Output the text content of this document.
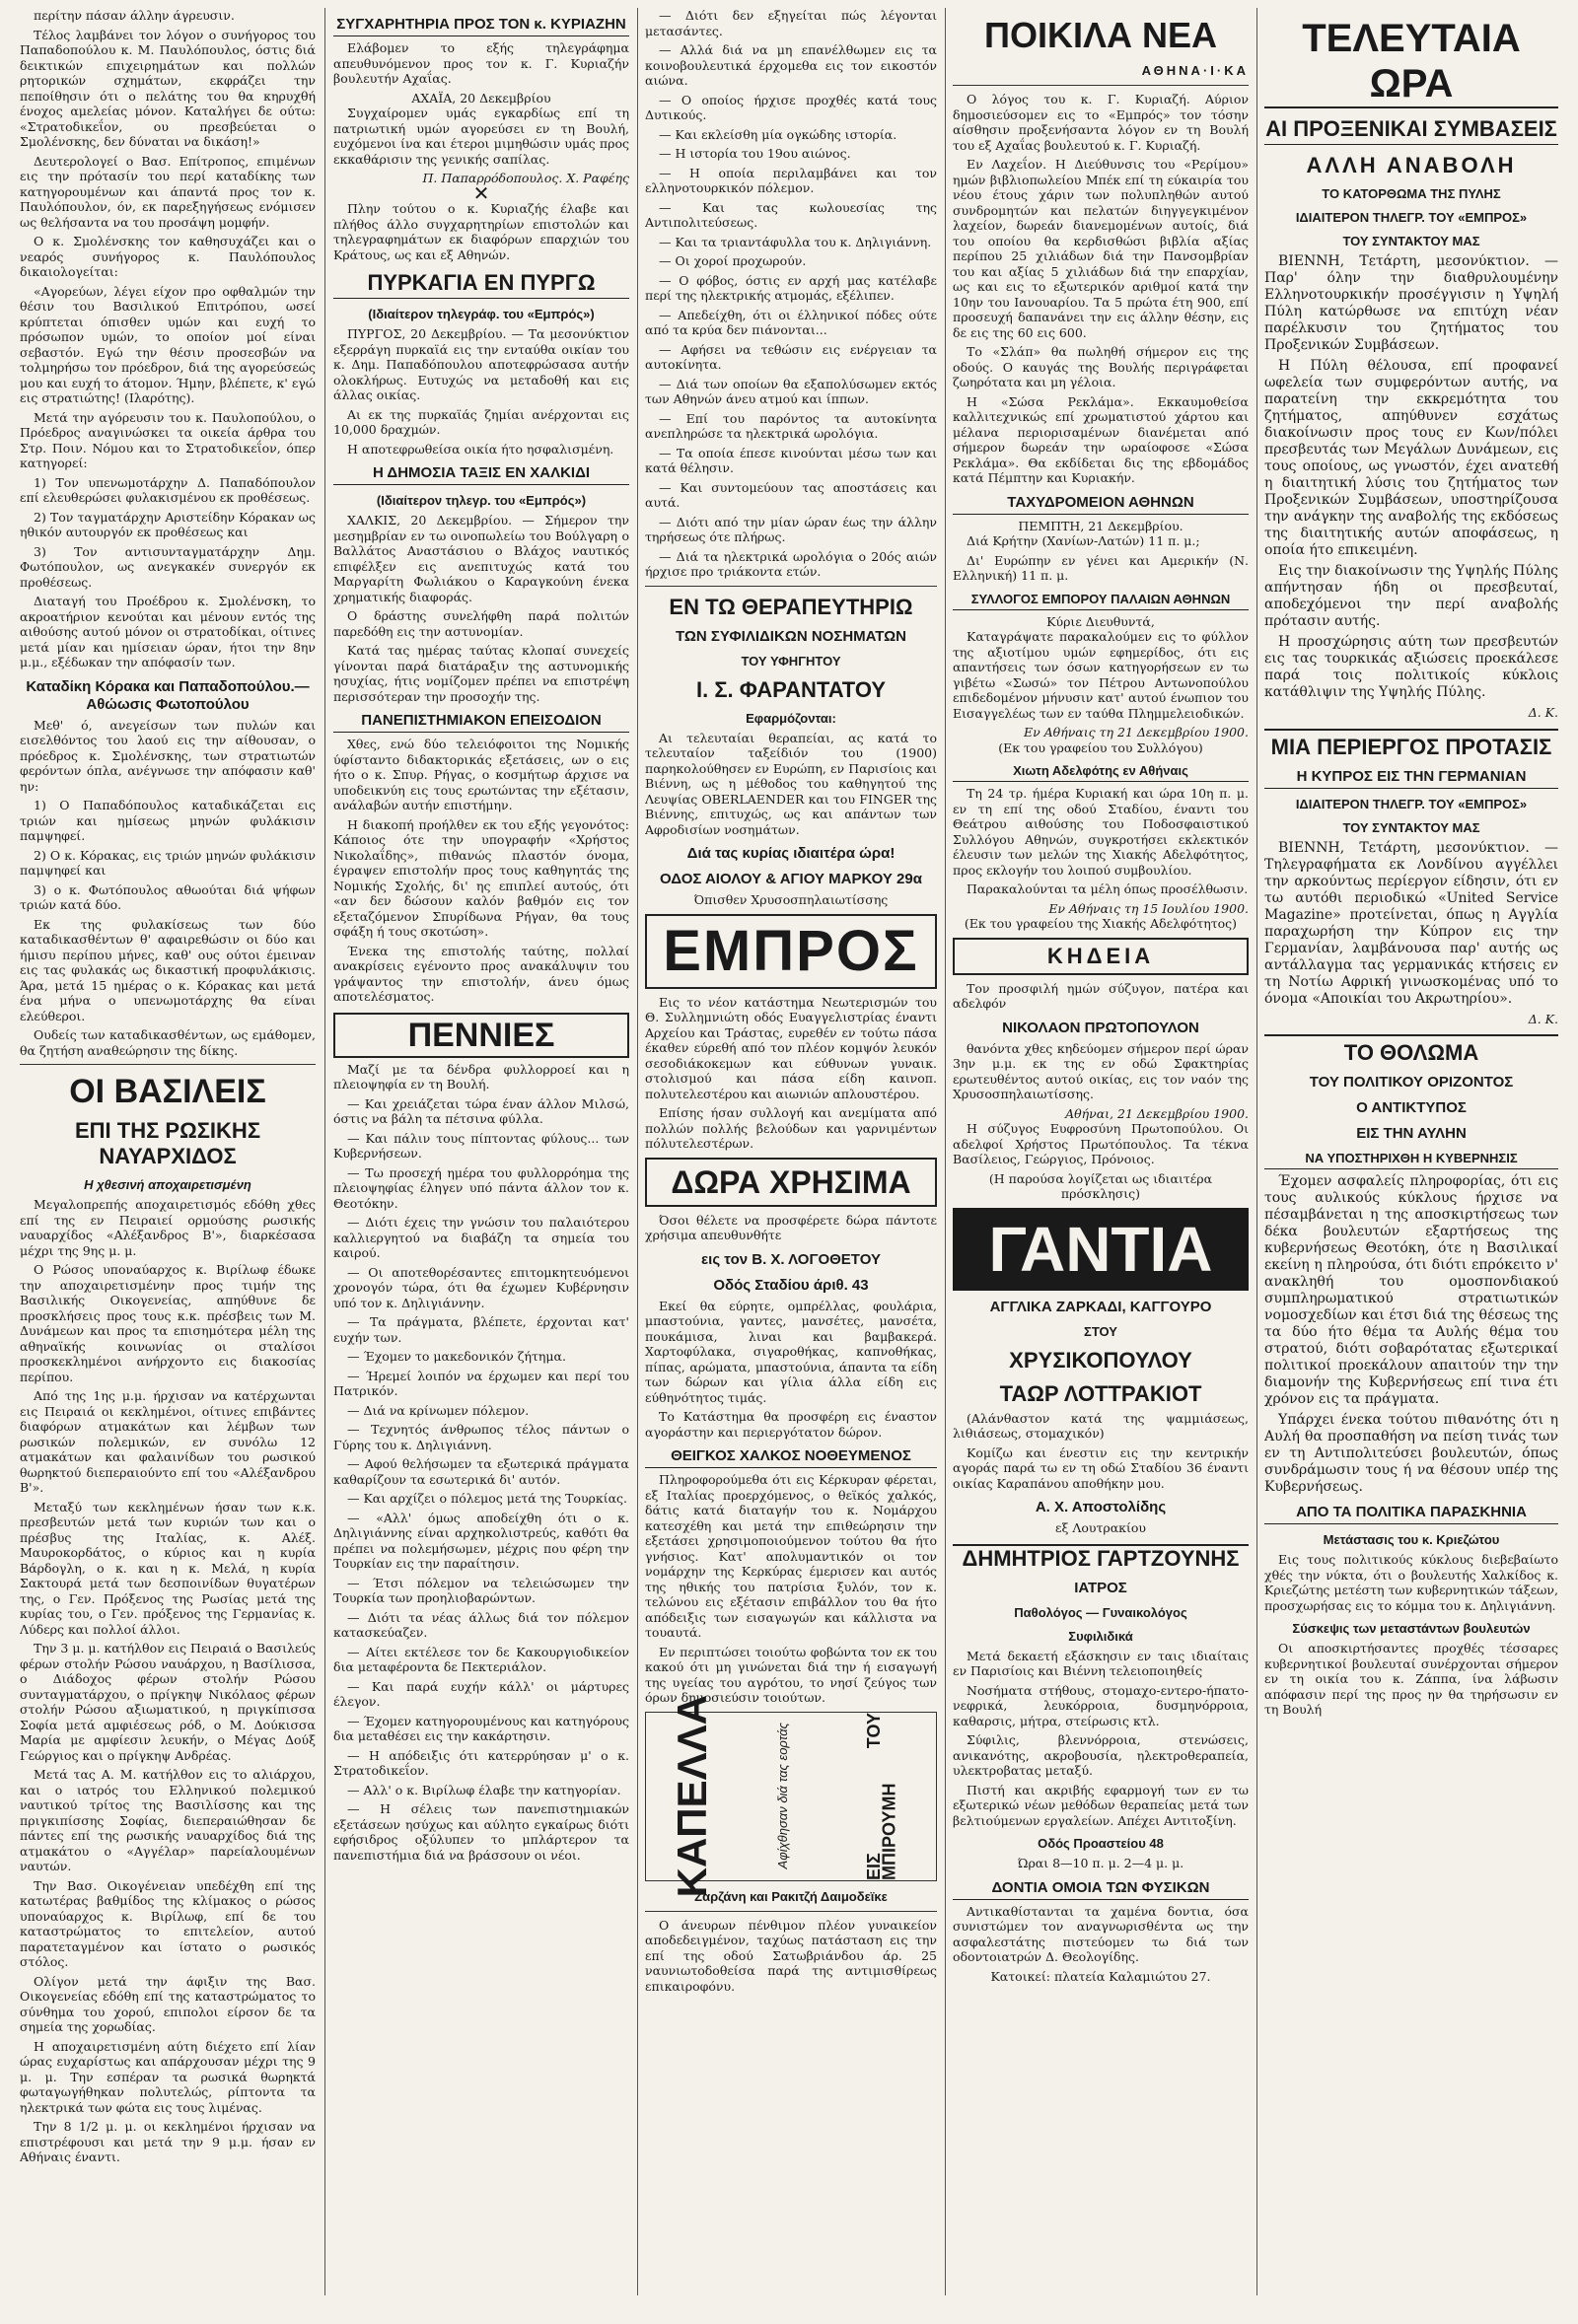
περίτην πάσαν άλλην άγρευσιν.

Τέλος λαμβάνει τον λόγον ο συνήγορος του Παπαδοπούλου κ. Μ. Παυλόπουλος, όστις διά δεικτικών επιχειρημάτων και πολλών ρητορικών σχημάτων, εκφράζει την πεποίθησιν ότι ο πελάτης του θα κηρυχθή ένοχος αμελείας μόνον. Καταλήγει δε ούτω: «Στρατοδικεΐον, ου πρεσβεύεται ο Σμολένσκης, δεν δύναται να δικάση!»

Δευτερολογεί ο Βασ. Επίτροπος, επιμένων εις την πρότασίν του περί καταδίκης των κατηγορουμένων και άπαντά προς τον κ. Παυλόπουλον, όν, εκ παρεξηγήσεως ενόμισεν ως θελήσαντα να του προσάψη μομφήν.

Ο κ. Σμολένσκης τον καθησυχάζει και ο νεαρός συνήγορος κ. Παυλόπουλος δικαιολογείται:

«Αγορεύων, λέγει είχον προ οφθαλμών την θέσιν του Βασιλικού Επιτρόπου, ωσεί κρύπτεται όπισθεν υμών και ευχή το πρόσωπον υμών, το οποίον μοί είναι σεβαστόν. Εγώ την θέσιν προσεσβών να τολμηρήσω τον πρόεδρον, διά της αγορεύσεώς μου και ευχή το άτομον. Ήμην, βλέπετε, κ' εγώ εις στρατιώτης! (Ιλαρότης).

Μετά την αγόρευσιν του κ. Παυλοπούλου, ο Πρόεδρος αναγινώσκει τα οικεία άρθρα του Στρ. Ποιν. Νόμου και το Στρατοδικεΐον, όπερ κατηγορεί:

1) Τον υπενωμοτάρχην Δ. Παπαδόπουλον επί ελευθερώσει φυλακισμένου εκ προθέσεως.

2) Τον ταγματάρχην Αριστείδην Κόρακαν ως ηθικόν αυτουργόν εκ προθέσεως και

3) Τον αντισυνταγματάρχην Δημ. Φωτόπουλον, ως ανεγκακέν συνεργόν εκ προθέσεως.

Διαταγή του Προέδρου κ. Σμολένσκη, το ακροατήριον κενούται και μένουν εντός της αιθούσης αυτού μόνον οι στρατοδίκαι, οίτινες μετά μίαν και ημίσειαν ώραν, ήτοι την 8ην μ.μ., εξέδωκαν την απόφασίν των.

Καταδίκη Κόρακα και Παπαδοπούλου.—Αθώωσις Φωτοπούλου

Μεθ' ό, ανεγείσων των πυλών και εισελθόντος του λαού εις την αίθουσαν, ο πρόεδρος κ. Σμολένσκης, των στρατιωτών φερόντων όπλα, ανέγνωσε την απόφασιν καθ' ην:

1) Ο Παπαδόπουλος καταδικάζεται εις τριών και ημίσεως μηνών φυλάκισιν παμψηφεί.

2) Ο κ. Κόρακας, εις τριών μηνών φυλάκισιν παμψηφεί και

3) ο κ. Φωτόπουλος αθωούται διά ψήφων τριών κατά δύο.

Εκ της φυλακίσεως των δύο καταδικασθέντων θ' αφαιρεθώσιν οι δύο και ήμισυ περίπου μήνες, καθ' ους ούτοι έμειναν εις τας φυλακάς ως δικαστική προφυλάκισις. Άρα, μετά 15 ημέρας ο κ. Κόρακας και μετά ένα μήνα ο υπενωμοτάρχης θα είναι ελεύθεροι.

Ουδείς των καταδικασθέντων, ως εμάθομεν, θα ζητήση αναθεώρησιν της δίκης.

ΟΙ ΒΑΣΙΛΕΙΣ
ΕΠΙ ΤΗΣ ΡΩΣΙΚΗΣ ΝΑΥΑΡΧΙΔΟΣ
Η χθεσινή αποχαιρετισμένη

Μεγαλοπρεπής αποχαιρετισμός εδόθη χθες επί της εν Πειραιεί ορμούσης ρωσικής ναυαρχίδος «Αλέξανδρος Β'», διαρκέσασα μέχρι της 9ης μ. μ.

Ο Ρώσος υποναύαρχος κ. Βιρίλωφ έδωκε την αποχαιρετισμένην προς τιμήν της Βασιλικής Οικογενείας, απηύθυνε δε προσκλήσεις προς τους κ.κ. πρέσβεις των Μ. Δυνάμεων και προς τα επισημότερα μέλη της αθηναϊκής κοινωνίας οι σταλίσοι προσκεκλημένοι ανήρχοντο εις διακοσίας περίπου.

Από της 1ης μ.μ. ήρχισαν να κατέρχωνται εις Πειραιά οι κεκλημένοι, οίτινες επιβάντες διαφόρων ατμακάτων και λέμβων των ρωσικών πολεμικών, εν συνόλω 12 ατμακάτων και φαλαινίδων του ρωσικού θωρηκτού διεπεραιούντο επί του «Αλέξανδρου Β'».

Μεταξύ των κεκλημένων ήσαν των κ.κ. πρεσβευτών μετά των κυριών των και ο πρέσβυς της Ιταλίας, κ. Αλέξ. Μαυροκορδάτος, ο κύριος και η κυρία Βάρδογλη, ο κ. και η κ. Μελά, η κυρία Σακτουρά μετά των δεσποινίδων θυγατέρων της, ο Γεν. Πρόξενος της Ρωσίας μετά της κυρίας του, ο Γεν. πρόξενος της Γερμανίας κ. Λύδερς και πολλοί άλλοι.

Την 3 μ. μ. κατήλθον εις Πειραιά ο Βασιλεύς φέρων στολήν Ρώσου ναυάρχου, η Βασίλισσα, ο Διάδοχος φέρων στολήν Ρώσου συνταγματάρχου, ο πρίγκηψ Νικόλαος φέρων στολήν Ρώσου αξιωματικού, η πριγκίπισσα Σοφία μετά αμφιέσεως ρόδ, ο Μ. Δούκισσα Μαρία με αμφίεσιν λευκήν, ο Μέγας Δούξ Γεώργιος και ο πρίγκηψ Ανδρέας.

Μετά τας Α. Μ. κατήλθον εις το αλιάρχου, και ο ιατρός του Ελληνικού πολεμικού ναυτικού τρίτος της Βασιλίσσης και της πριγκιπίσσης Σοφίας, διεπεραιώθησαν δε πάντες επί της ρωσικής ναυαρχίδος διά της ατμακάτου ο «Αγγέλαρ» παρείαλουμένων ναυτών.

Την Βασ. Οικογένειαν υπεδέχθη επί της κατωτέρας βαθμίδος της κλίμακος ο ρώσος υποναύαρχος κ. Βιρίλωφ, επί δε του καταστρώματος το επιτελείον, αυτού παρατεταγμένον και ίστατο ο ρωσικός στόλος.

Ολίγον μετά την άφιξιν της Βασ. Οικογενείας εδόθη επί της καταστρώματος το σύνθημα του χορού, επιπολοι είρσον δε τα σημεία της χορωδίας.

Η αποχαιρετισμένη αύτη διέχετο επί λίαν ώρας ευχαρίστως και απάρχουσαν μέχρι της 9 μ. μ. Την εσπέραν τα ρωσικά θωρηκτά φωταγωγήθηκαν πολυτελώς, ρίπτοντα τα ηλεκτρικά των φώτα εις τους λιμένας.

Την 8 1/2 μ. μ. οι κεκλημένοι ήρχισαν να επιστρέφουσι και μετά την 9 μ.μ. ήσαν εν Αθήναις έναντι.

ΣΥΓΧΑΡΗΤΗΡΙΑ ΠΡΟΣ ΤΟΝ κ. ΚΥΡΙΑΖΗΝ

Ελάβομεν το εξής τηλεγράφημα απευθυνόμενον προς τον κ. Γ. Κυριαζήν βουλευτήν Αχαΐας.

ΑΧΑΪΑ, 20 Δεκεμβρίου

Συγχαίρομεν υμάς εγκαρδίως επί τη πατριωτική υμών αγορεύσει εν τη Βουλή, ευχόμενοι ίνα και έτεροι μιμηθώσιν υμάς προς εκκαθάρισιν της γενικής σαπίλας.

Π. Παπαρρόδοπουλος. Χ. Ραφέης
✕

Πλην τούτου ο κ. Κυριαζής έλαβε και πλήθος άλλο συγχαρητηρίων επιστολών και τηλεγραφημάτων εκ διαφόρων επαρχιών του Κράτους, ως και εξ Αθηνών.

ΠΥΡΚΑΓΙΑ ΕΝ ΠΥΡΓΩ
(Ιδιαίτερον τηλεγράφ. του «Εμπρός»)

ΠΥΡΓΟΣ, 20 Δεκεμβρίου. — Τα μεσονύκτιον εξερράγη πυρκαϊά εις την ενταύθα οικίαν του κ. Δημ. Παπαδόπουλου αποτεφρώσασα αυτήν ολοκλήρως. Ευτυχώς να μεταδοθή και εις άλλας οικίας.

Αι εκ της πυρκαϊάς ζημίαι ανέρχονται εις 10,000 δραχμών.

Η αποτεφρωθείσα οικία ήτο ησφαλισμένη.

Η ΔΗΜΟΣΙΑ ΤΑΞΙΣ ΕΝ ΧΑΛΚΙΔΙ
(Ιδιαίτερον τηλεγρ. του «Εμπρός»)

ΧΑΛΚΙΣ, 20 Δεκεμβρίου. — Σήμερον την μεσημβρίαν εν τω οινοπωλείω του Βούλγαρη ο Βαλλάτος Αναστάσιου ο Βλάχος ναυτικός επιφέλξεν εις ανεπιτυχώς κατά του Μαργαρίτη Φωλιάκου ο Καραγκούνη ένεκα χρηματικής διαφοράς.

Ο δράστης συνελήφθη παρά πολιτών παρεδόθη εις την αστυνομίαν.

Κατά τας ημέρας ταύτας κλοπαί συνεχείς γίνονται παρά διατάραξιν της αστυνομικής ησυχίας, ήτις νομίζομεν πρέπει να επιστρέψη περισσότεραν την προσοχήν της.

ΠΑΝΕΠΙΣΤΗΜΙΑΚΟΝ ΕΠΕΙΣΟΔΙΟΝ

Χθες, ενώ δύο τελειόφοιτοι της Νομικής ύφίσταντο διδακτορικάς εξετάσεις, ων ο εις ήτο ο κ. Σπυρ. Ρήγας, ο κοσμήτωρ άρχισε να υποδεικνύη εις τους ερωτώντας την εξέτασιν, ανάλαβών αυτήν επιστήμην.

Η διακοπή προήλθεν εκ του εξής γεγονότος: Κάποιος ότε την υπογραφήν «Χρήστος Νικολαΐδης», πιθανώς πλαστόν όνομα, έγραψεν επιστολήν προς τους καθηγητάς της Νομικής Σχολής, δι' ης επιπλεί αυτούς, ότι «αν δεν δώσουν καλόν βαθμόν εις τον εξεταζόμενον Σπυρίδωνα Ρήγαν, θα τους σφάξη ή τους σκοτώση».

Ένεκα της επιστολής ταύτης, πολλαί ανακρίσεις εγένοντο προς ανακάλυψιν του γράψαντος την επιστολήν, άνευ όμως αποτελέσματος.

ΠΕΝΝΙΕΣ

Μαζί με τα δένδρα φυλλορροεί και η πλειοψηφία εν τη Βουλή.

— Και χρειάζεται τώρα έναν άλλον Μιλσώ, όστις να βάλη τα πέτσινα φύλλα.

— Και πάλιν τους πίπτοντας φύλους... των Κυβερνήσεων.

— Τω προσεχή ημέρα του φυλλορρόημα της πλειοψηφίας έληγεν υπό πάντα άλλον τον κ. Θεοτόκην.

— Διότι έχεις την γνώσιν του παλαιότερου καλλιεργητού να διαβάζη τα σημεία του καιρού.

— Οι αποτεθορέσαντες επιτομκητευόμενοι χρονογόν τώρα, ότι θα έχωμεν Κυβέρνησιν υπό τον κ. Δηλιγιάννην.

— Τα πράγματα, βλέπετε, έρχονται κατ' ευχήν των.

— Έχομεν το μακεδονικόν ζήτημα.

— Ήρεμεί λοιπόν να έρχωμεν και περί του Πατρικόν.

— Διά να κρίνωμεν πόλεμον.

— Τεχνητός άνθρωπος τέλος πάντων ο Γύρης του κ. Δηλιγιάννη.

— Αφού θελήσωμεν τα εξωτερικά πράγματα καθαρίζουν τα εσωτερικά δι' αυτόν.

— Και αρχίζει ο πόλεμος μετά της Τουρκίας.

— «Αλλ' όμως αποδείχθη ότι ο κ. Δηλιγιάννης είναι αρχηκολιστρεύς, καθότι θα πρέπει να πολεμήσωμεν, μέχρις που φέρη την Τουρκίαν εις την παραίτησιν.

— Έτσι πόλεμον να τελειώσωμεν την Τουρκία των προηλιοβαρώντων.

— Διότι τα νέας άλλως διά τον πόλεμον κατασκεύαζεν.

— Αίτει εκτέλεσε τον δε Κακουργιοδικείον δια μεταφέροντα δε Πεκτεριάλον.

— Και παρά ευχήν κάλλ' οι μάρτυρες έλεγον.

— Έχομεν κατηγορουμένους και κατηγόρους δια μεταθέσει εις την κακάρτησιν.

— Η απόδειξις ότι κατερρύησαν μ' ο κ. Στρατοδικεΐον.

— Αλλ' ο κ. Βιρίλωφ έλαβε την κατηγορίαν.

— Η σέλεις των πανεπιστημιακών εξετάσεων ησύχως και αύλητο εγκαίρως διότι εφήσιδρος οξύλυπεν το μπλάρτερον τα πανεπιστήμια διά να βράσσουν οι νέοι.

— Διότι δεν εξηγείται πώς λέγονται μετασάντες.

— Αλλά διά να μη επανέλθωμεν εις τα κοινοβουλευτικά έρχομεθα εις τον εικοστόν αιώνα.

— Ο οποίος ήρχισε προχθές κατά τους Δυτικούς.

— Και εκλείσθη μία ογκώδης ιστορία.

— Η ιστορία του 19ου αιώνος.

— Η οποία περιλαμβάνει και τον ελληνοτουρκικόν πόλεμον.

— Και τας κωλουεσίας της Αντιπολιτεύσεως.

— Και τα τριαντάφυλλα του κ. Δηλιγιάννη.

— Οι χοροί προχωρούν.

— Ο φόβος, όστις εν αρχή μας κατέλαβε περί της ηλεκτρικής ατμομάς, εξέλιπεν.

— Απεδείχθη, ότι οι έλληνικοί πόδες ούτε από τα κρύα δεν πιάνονται...

— Αφήσει να τεθώσιν εις ενέργειαν τα αυτοκίνητα.

— Διά των οποίων θα εξαπολύσωμεν εκτός των Αθηνών άνευ ατμού και ίππων.

— Επί του παρόντος τα αυτοκίνητα ανεπληρώσε τα ηλεκτρικά ωρολόγια.

— Τα οποία έπεσε κινούνται μέσω των και κατά θέλησιν.

— Και συντομεύουν τας αποστάσεις και αυτά.

— Διότι από την μίαν ώραν έως την άλλην τηρήσεως ότε πλήρως.

— Διά τα ηλεκτρικά ωρολόγια ο 20ός αιών ήρχισε προ τριάκοντα ετών.

ΕΝ ΤΩ ΘΕΡΑΠΕΥΤΗΡΙΩ
ΤΩΝ ΣΥΦΙΛΙΔΙΚΩΝ ΝΟΣΗΜΑΤΩΝ
ΤΟΥ ΥΦΗΓΗΤΟΥ
Ι. Σ. ΦΑΡΑΝΤΑΤΟΥ
Εφαρμόζονται:

Αι τελευταίαι θεραπείαι, ας κατά το τελευταίον ταξείδιόν του (1900) παρηκολούθησεν εν Ευρώπη, εν Παρισίοις και Βιέννη, ως η μέθοδος του καθηγητού της Λευψίας OBERLAENDER και του FINGER της Βιέννης, επιτυχώς, ως και απάντων των Αφροδισίων νοσημάτων.

Διά τας κυρίας ιδιαιτέρα ώρα!
ΟΔΟΣ ΑΙΟΛΟΥ & ΑΓΙΟΥ ΜΑΡΚΟΥ 29α
Όπισθεν Χρυσοσπηλαιωτίσσης
ΕΜΠΡΟΣ

Εις το νέον κατάστημα Νεωτερισμών του Θ. Συλλημνιώτη οδός Ευαγγελιστρίας έναντι Αρχείου και Τράστας, ευρεθέν εν τούτω πάσα έκαθεν εύρεθή από τον πλέον κομψόν λευκόν σεσοδιάκοκεμων και εύθυνων γυναικ. στολισμού και πάσα είδη καινοπ. πολυτελεστέρου και αιωνιών απλουστέρου.

Επίσης ήσαν συλλογή και ανεμίματα από πολλών πολλής βελούδων και γαρνιμέντων πόλυτελεστέρων.

ΔΩΡΑ ΧΡΗΣΙΜΑ

Όσοι θέλετε να προσφέρετε δώρα πάντοτε χρήσιμα απευθυνθήτε

εις τον Β. Χ. ΛΟΓΟΘΕΤΟΥ
Οδός Σταδίου άριθ. 43

Εκεί θα εύρητε, ομπρέλλας, φουλάρια, μπαστούνια, γαντες, μανσέτες, μανσέτα, πουκάμισα, λιναι και βαμβακερά. Χαρτοφύλακα, σιγαροθήκας, καπνοθήκας, πίπας, αρώματα, μπαστούνια, άπαντα τα είδη των δώρων και γίλια άλλα είδη εις εύθηνότητος τιμάς.

Το Κατάστημα θα προσφέρη εις έναστον αγοράστην και περιεργότατον δώρον.

ΘΕΙΓΚΟΣ ΧΑΛΚΟΣ ΝΟΘΕΥΜΕΝΟΣ

Πληροφορούμεθα ότι εις Κέρκυραν φέρεται, εξ Ιταλίας προερχόμενος, ο θεϊκός χαλκός, δάτις κατά διαταγήν του κ. Νομάρχου κατεσχέθη και μετά την επιθεώρησιν την εξετάσει χρησιμοποιούμενον τούτου θα ήτο γνήσιος. Κατ' απολυμαντικόν οι τον νομάρχην της Κερκύρας έμερισεν και αυτός της ηθικής του πατρίσια ξυλόν, τον κ. τελώνου εις εξέτασιν επιβάλλον του θα ήτο απόδειξις των εισαγωγών και κάλλιστα να τουαυτά.

Εν περιπτώσει τοιούτω φοβώντα τον εκ του κακού ότι μη γινώνεται διά την ή εισαγωγή της υγείας του αγρότου, το νησί ζεύγος των όρων δημοσιεύσιν τοιούτων.

ΚΑΠΕΛΛΑ	Αφίχθησαν διά τας εορτάς	ΕΙΣ ΤΟΥ ΜΠΙΡΟΥΜΗ
Ζαρζάνη και Ρακιτζή Δαιμοδεϊκε

Ο άνευρων πένθιμον πλέον γυναικείον αποδεδειγμένον, ταχύως πατάσταση εις την επί της οδού Σατωβριάνδου άρ. 25 ναυνιωτοδοθείσα παρά της αντιμισθίρεως επικαιροφόνυ.

ΠΟΙΚΙΛΑ ΝΕΑ
ΑΘΗΝΑ·Ι·ΚΑ

Ο λόγος του κ. Γ. Κυριαζή. Αύριον δημοσιεύσομεν εις το «Εμπρός» τον τόσην αίσθησιν προξενήσαντα λόγον εν τη Βουλή του εξ Αχαΐας βουλευτού κ. Γ. Κυριαζή.

Εν Λαχεΐον. Η Διεύθυνσις του «Ρερίμου» ημών βιβλιοπωλείου Μπέκ επί τη εύκαιρία του νέου έτους χάριν των πολυπληθών αυτού συνδρομητών και πελατών διηγγεγκιμένον λαχείον, δωρεάν διανεμομένων αυτοίς, διά του οποίου θα κερδισθώσι βιβλία αξίας περίπου 25 χιλιάδων διά την Πανσομβρίαν του και αξίας 5 χιλιάδων διά την επαρχίαν, ως και εις το εξωτερικόν αριθμοί κατά την 10ην του Ιανουαρίου. Τα 5 πρώτα έτη 900, επί προσευχή δαπανάνει την εις άλλην θέσην, εις δε εις της 60 εις 600.

Το «Σλάπ» θα πωληθή σήμερον εις της οδούς. Ο καυγάς της Βουλής περιγράφεται ζωηρότατα και μη γέλοια.

Η «Σώσα Ρεκλάμα». Εκκαυμοθείσα καλλιτεχνικώς επί χρωματιστού χάρτου και μέλανα περιορισαμένων διανέμεται από σήμερον δωρεάν την ωραίοφοσε «Σώσα Ρεκλάμα». Θα εκδίδεται δις της εβδομάδος κατά Πέμπτην και Κυριακήν.

ΤΑΧΥΔΡΟΜΕΙΟΝ ΑΘΗΝΩΝ
ΠΕΜΠΤΗ, 21 Δεκεμβρίου.

Διά Κρήτην (Χανίων-Λατών) 11 π. μ.;

Δι' Ευρώπην εν γένει και Αμερικήν (Ν. Ελληνική) 11 π. μ.

ΣΥΛΛΟΓΟΣ ΕΜΠΟΡΟΥ ΠΑΛΑΙΩΝ ΑΘΗΝΩΝ
Κύριε Διευθυντά,

Καταγράψατε παρακαλούμεν εις το φύλλον της αξιοτίμου υμών εφημερίδος, ότι εις απαντήσεις των όσων κατηγορήσεων εν τω γιβέτω «Σωσώ» τον Πέτρου Αντωνοπούλου επιδεδομένον μήνυσιν κατ' αυτού ένωπιον του Εισαγγελέως των εν ταύθα Πλημμελειοδικών.

Εν Αθήναις τη 21 Δεκεμβρίου 1900.
(Εκ του γραφείου του Συλλόγου)
Χιωτη Αδελφότης εν Αθήναις

Τη 24 τρ. ήμέρα Κυριακή και ώρα 10η π. μ. εν τη επί της οδού Σταδίου, έναντι του Θεάτρου αιθούσης του Ποδοσφαιστικού Συλλόγου Αθηνών, συγκροτήσει εκλεκτικόν έλευσιν των μελών της Χιακής Αδελφότητος, προς εκλογήν του λοιπού συμβουλίου.

Παρακαλούνται τα μέλη όπως προσέλθωσιν.

Εν Αθήναις τη 15 Ιουλίου 1900.
(Εκ του γραφείου της Χιακής Αδελφότητος)
ΚΗΔΕΙΑ

Τον προσφιλή ημών σύζυγον, πατέρα και αδελφόν

ΝΙΚΟΛΑΟΝ ΠΡΩΤΟΠΟΥΛΟΝ

θανόντα χθες κηδεύομεν σήμερον περί ώραν 3ην μ.μ. εκ της εν οδώ Σφακτηρίας ερωτευθέντος αυτού οικίας, εις τον ναόν της Χρυσοσπηλαιωτίσσης.

Αθήναι, 21 Δεκεμβρίου 1900.

Η σύζυγος Ευφροσύνη Πρωτοπούλου. Οι αδελφοί Χρήστος Πρωτόπουλος. Τα τέκνα Βασίλειος, Γεώργιος, Πρόνοιος.

(Η παρούσα λογίζεται ως ιδιαιτέρα πρόσκλησις)
ΓΑΝΤΙΑ
ΑΓΓΛΙΚΑ ΖΑΡΚΑΔΙ, ΚΑΓΓΟΥΡΟ
ΣΤΟΥ
ΧΡΥΣΙΚΟΠΟΥΛΟΥ
ΤΑΩΡ ΛΟΤΤΡΑΚΙΟΤ

(Αλάνθαστον κατά της ψαμμιάσεως, λιθιάσεως, στομαχικόν)

Κομίζω και ένεστιν εις την κεντρικήν αγοράς παρά τω εν τη οδώ Σταδίου 36 έναντι οικίας Καραπάνου αποθήκην μου.

Α. Χ. Αποστολίδης
εξ Λουτρακίου
ΔΗΜΗΤΡΙΟΣ ΓΑΡΤΖΟΥΝΗΣ
ΙΑΤΡΟΣ
Παθολόγος — Γυναικολόγος
Συφιλιδικά

Μετά δεκαετή εξάσκησιν εν ταις ιδιαίταις εν Παρισίοις και Βιέννη τελειοποιηθείς

Νοσήματα στήθους, στομαχο-εντερο-ήπατο-νεφρικά, λευκόρροια, δυσμηνόρροια, καθαρσις, μήτρα, στείρωσις κτλ.

Σύφιλις, βλεννόρροια, στενώσεις, ανικανότης, ακροβουσία, ηλεκτροθεραπεία, υλεκτροβατας μεταξύ.

Πιστή και ακριβής εφαρμογή των εν τω εξωτερικώ νέων μεθόδων θεραπείας μετά των βελτιούμενων εργαλείων. Απέχει Αντιτοξίνη.

Οδός Προαστείου 48
Ώραι 8—10 π. μ. 2—4 μ. μ.
ΔΟΝΤΙΑ ΟΜΟΙΑ ΤΩΝ ΦΥΣΙΚΩΝ

Αντικαθίστανται τα χαμένα δοντια, όσα συνιστώμεν τον αναγνωρισθέντα ως την ασφαλεστάτης πιστεύομεν τω διά των οδοντοιατρών Δ. Θεολογίδης.

Κατοικεί: πλατεία Καλαμιώτου 27.
ΤΕΛΕΥΤΑΙΑ ΩΡΑ
ΑΙ ΠΡΟΞΕΝΙΚΑΙ ΣΥΜΒΑΣΕΙΣ
ΑΛΛΗ ΑΝΑΒΟΛΗ
ΤΟ ΚΑΤΟΡΘΩΜΑ ΤΗΣ ΠΥΛΗΣ
ΙΔΙΑΙΤΕΡΟΝ ΤΗΛΕΓΡ. ΤΟΥ «ΕΜΠΡΟΣ»
ΤΟΥ ΣΥΝΤΑΚΤΟΥ ΜΑΣ

ΒΙΕΝΝΗ, Τετάρτη, μεσονύκτιον. — Παρ' όλην την διαθρυλουμένην Ελληνοτουρκικήν προσέγγισιν η Υψηλή Πύλη κατώρθωσε να επιτύχη νέαν παρέλκυσιν του ζητήματος του Προξενικών Συμβάσεων.

Η Πύλη θέλουσα, επί προφανεί ωφελεία των συμφερόντων αυτής, να παρατείνη την εκκρεμότητα του ζητήματος, απηύθυνεν εσχάτως διακοίνωσιν προς τους εν Κων/πόλει πρεσβευτάς των Μεγάλων Δυνάμεων, εις τους οποίους, ως γνωστόν, έχει ανατεθή η διαιτητική λύσις του ζητήματος των Προξενικών Συμβάσεων, υποστηρίζουσα την ανάγκην της αναβολής της εκδόσεως της διαιτητικής αυτών αποφάσεως, η οποία ήτο επικειμένη.

Εις την διακοίνωσιν της Υψηλής Πύλης απήντησαν ήδη οι πρεσβευταί, αποδεχόμενοι την περί αναβολής πρότασιν αυτής.

Η προσχώρησις αύτη των πρεσβευτών εις τας τουρκικάς αξιώσεις προεκάλεσε παρά τοις πολιτικοίς κύκλοις κατάθλιψιν της Υψηλής Πύλης.

Δ. Κ.
ΜΙΑ ΠΕΡΙΕΡΓΟΣ ΠΡΟΤΑΣΙΣ
Η ΚΥΠΡΟΣ ΕΙΣ ΤΗΝ ΓΕΡΜΑΝΙΑΝ
ΙΔΙΑΙΤΕΡΟΝ ΤΗΛΕΓΡ. ΤΟΥ «ΕΜΠΡΟΣ»
ΤΟΥ ΣΥΝΤΑΚΤΟΥ ΜΑΣ

ΒΙΕΝΝΗ, Τετάρτη, μεσονύκτιον. — Τηλεγραφήματα εκ Λονδίνου αγγέλλει την αρκούντως περίεργον είδησιν, ότι εν τω αυτόθι περιοδικώ «United Service Magazine» προτείνεται, όπως η Αγγλία παραχωρήση την Κύπρον εις την Γερμανίαν, λαμβάνουσα παρ' αυτής ως αντάλλαγμα τας γερμανικάς κτήσεις εν τη Νοτίω Αφρική γινωσκομένας υπό το όνομα «Αποικίαι του Ακρωτηρίου».

Δ. Κ.
ΤΟ ΘΟΛΩΜΑ
ΤΟΥ ΠΟΛΙΤΙΚΟΥ ΟΡΙΖΟΝΤΟΣ
Ο ΑΝΤΙΚΤΥΠΟΣ
ΕΙΣ ΤΗΝ ΑΥΛΗΝ
ΝΑ ΥΠΟΣΤΗΡΙΧΘΗ Η ΚΥΒΕΡΝΗΣΙΣ

Έχομεν ασφαλείς πληροφορίας, ότι εις τους αυλικούς κύκλους ήρχισε να πέσαμβάνεται η της αποσκιρτήσεως των δέκα βουλευτών εξαρτήσεως της κυβερνήσεως Θεοτόκη, ότε η Βασιλικαί εκείνη η πληρούσα, ότι διότι επρόκειτο ν' ανακληθή του ομοσπονδιακού συμπληρωματικού στρατιωτικών νομοσχεδίων και έτσι διά της θέσεως της τα δύο ήτο θέμα τα Αυλής θέμα του στρατού, διότι σοβαρότατας εξωτερικαί πολιτικοί προεκάλουν απαιτούν την την διαμονήν της Κυβερνήσεως επί τινα έτι χρόνον εις τα πράγματα.

Υπάρχει ένεκα τούτου πιθανότης ότι η Αυλή θα προσπαθήση να πείση τινάς των εν τη Αντιπολιτεύσει βουλευτών, όπως συνδράμωσιν τους ή να θέσουν υπέρ της Κυβερνήσεως.

ΑΠΟ ΤΑ ΠΟΛΙΤΙΚΑ ΠΑΡΑΣΚΗΝΙΑ
Μετάστασις του κ. Κριεζώτου

Εις τους πολιτικούς κύκλους διεβεβαίωτο χθές την νύκτα, ότι ο βουλευτής Χαλκίδος κ. Κριεζώτης μετέστη των κυβερνητικών τάξεων, προσχωρήσας εις το κόμμα του κ. Δηλιγιάννη.

Σύσκεψις των μεταστάντων βουλευτών

Οι αποσκιρτήσαντες προχθές τέσσαρες κυβερνητικοί βουλευταί συνέρχονται σήμερον εν τη οικία του κ. Ζάππα, ίνα λάβωσιν απόφασιν περί της προς ην θα τηρήσωσιν εν τη Βουλή
